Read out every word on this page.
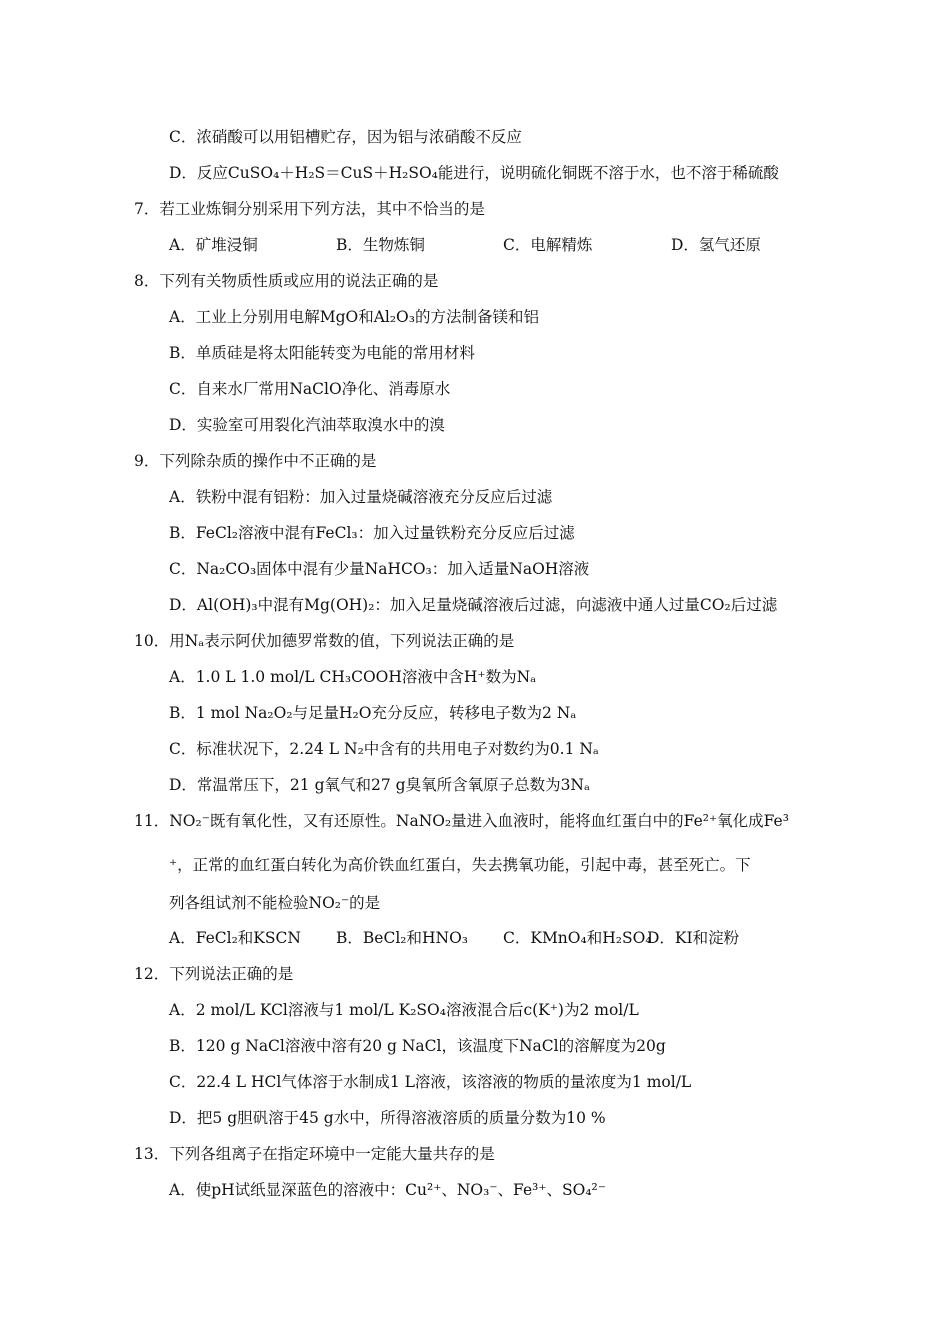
C．浓硝酸可以用铝槽贮存，因为铝与浓硝酸不反应
D．反应CuSO₄＋H₂S＝CuS＋H₂SO₄能进行，说明硫化铜既不溶于水，也不溶于稀硫酸
7．若工业炼铜分别采用下列方法，其中不恰当的是
A．矿堆浸铜	B．生物炼铜	C．电解精炼	D．氢气还原
8．下列有关物质性质或应用的说法正确的是
A．工业上分别用电解MgO和Al₂O₃的方法制备镁和铝
B．单质硅是将太阳能转变为电能的常用材料
C．自来水厂常用NaClO净化、消毒原水
D．实验室可用裂化汽油萃取溴水中的溴
9．下列除杂质的操作中不正确的是
A．铁粉中混有铝粉：加入过量烧碱溶液充分反应后过滤
B．FeCl₂溶液中混有FeCl₃：加入过量铁粉充分反应后过滤
C．Na₂CO₃固体中混有少量NaHCO₃：加入适量NaOH溶液
D．Al(OH)₃中混有Mg(OH)₂：加入足量烧碱溶液后过滤，向滤液中通人过量CO₂后过滤
10．用Nₐ表示阿伏加德罗常数的值，下列说法正确的是
A．1.0 L 1.0 mol/L CH₃COOH溶液中含H⁺数为Nₐ
B．1 mol Na₂O₂与足量H₂O充分反应，转移电子数为2 Nₐ
C．标准状况下，2.24 L N₂中含有的共用电子对数约为0.1 Nₐ
D．常温常压下，21 g氧气和27 g臭氧所含氧原子总数为3Nₐ
11．NO₂⁻既有氧化性，又有还原性。NaNO₂量进入血液时，能将血红蛋白中的Fe²⁺氧化成Fe³
⁺，正常的血红蛋白转化为高价铁血红蛋白，失去携氧功能，引起中毒，甚至死亡。下
列各组试剂不能检验NO₂⁻的是
A．FeCl₂和KSCN B．BeCl₂和HNO₃ C．KMnO₄和H₂SO₄
D．KI和淀粉
12．下列说法正确的是
A．2 mol/L KCl溶液与1 mol/L K₂SO₄溶液混合后c(K⁺)为2 mol/L
B．120 g NaCl溶液中溶有20 g NaCl，该温度下NaCl的溶解度为20g
C．22.4 L HCl气体溶于水制成1 L溶液，该溶液的物质的量浓度为1 mol/L
D．把5 g胆矾溶于45 g水中，所得溶液溶质的质量分数为10 %
13．下列各组离子在指定环境中一定能大量共存的是
A．使pH试纸显深蓝色的溶液中：Cu²⁺、NO₃⁻、Fe³⁺、SO₄²⁻
